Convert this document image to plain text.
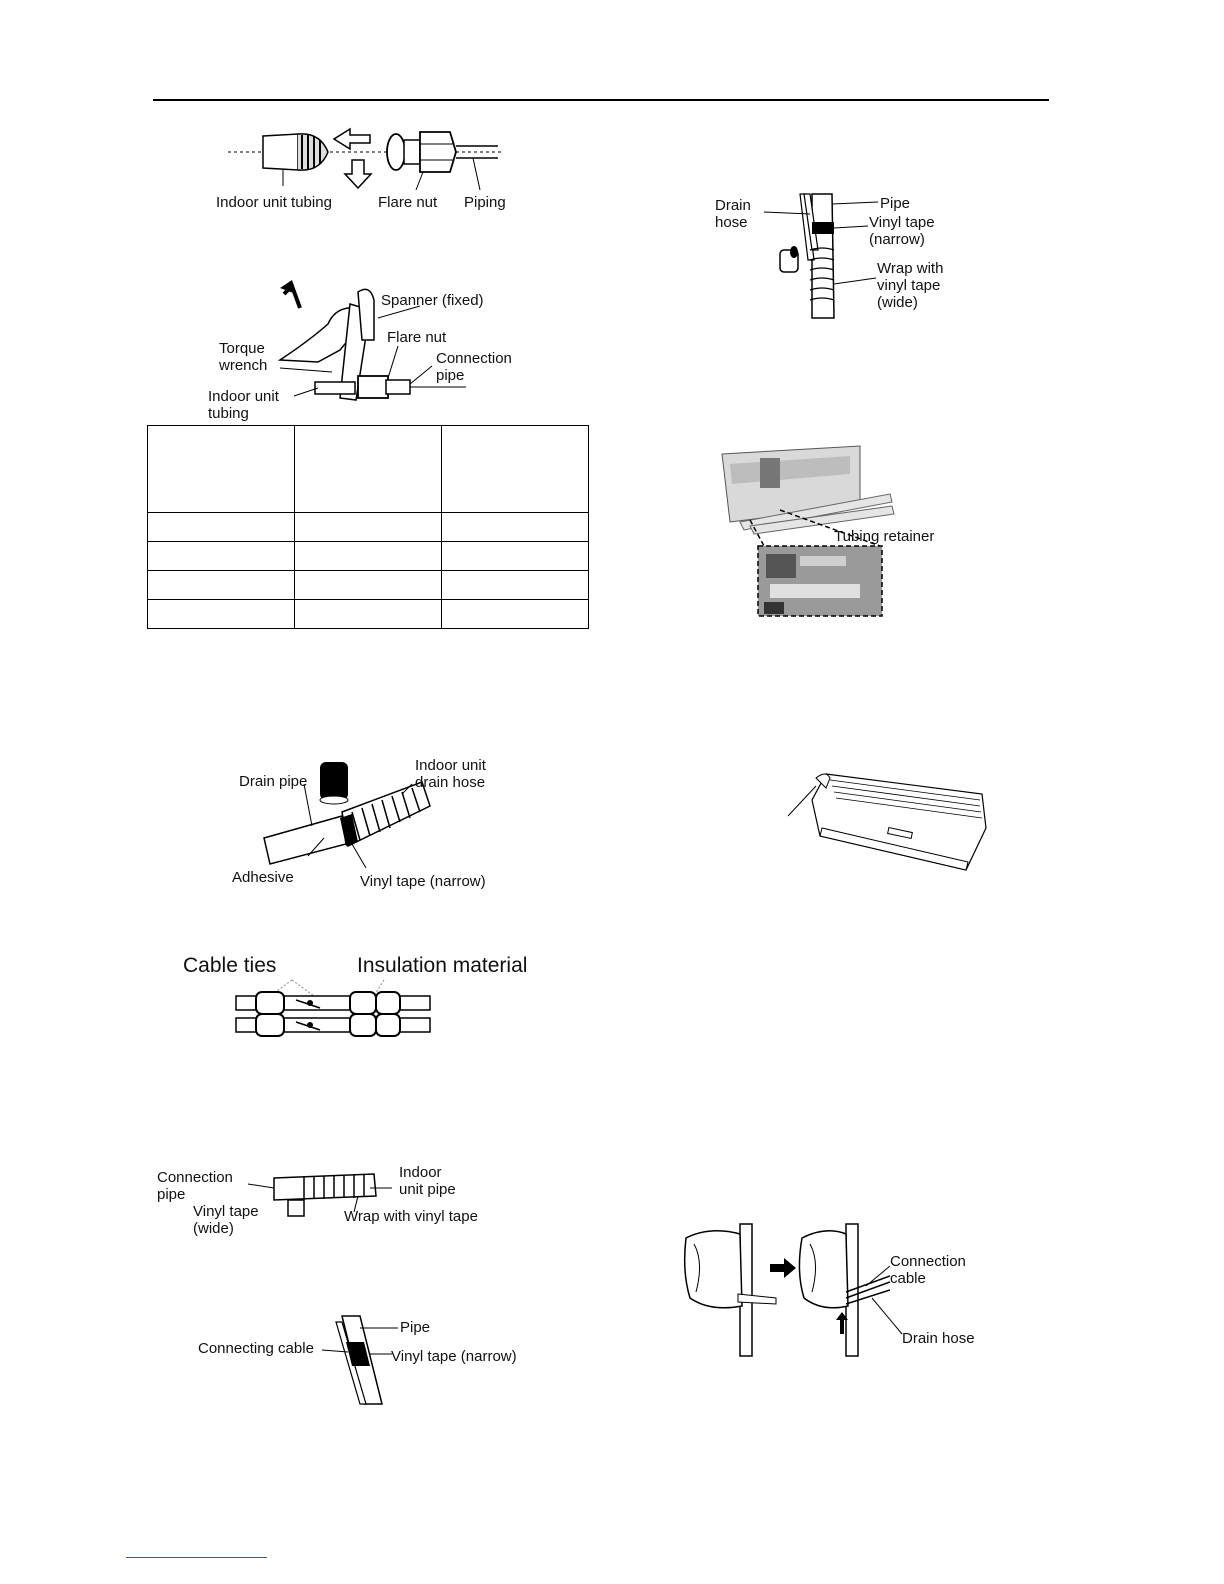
Indoor unit tubing	Flare nut Piping
Spanner (fixed)
Torque
wrench
Flare nut
Connection
pipe
Indoor unit
tubing

Drain pipe
Indoor unit
drain hose
Adhesive	Vinyl tape (narrow)
Cable ties	Insulation material
Connection
pipe
Indoor
unit pipe
Vinyl tape
(wide)
Wrap with vinyl tape
Pipe
Connecting cable	Vinyl tape (narrow)
Drain
hose
Pipe
Vinyl tape
(narrow)
Wrap with
vinyl tape
(wide)
Tubing retainer
Connection
cable
Drain hose
